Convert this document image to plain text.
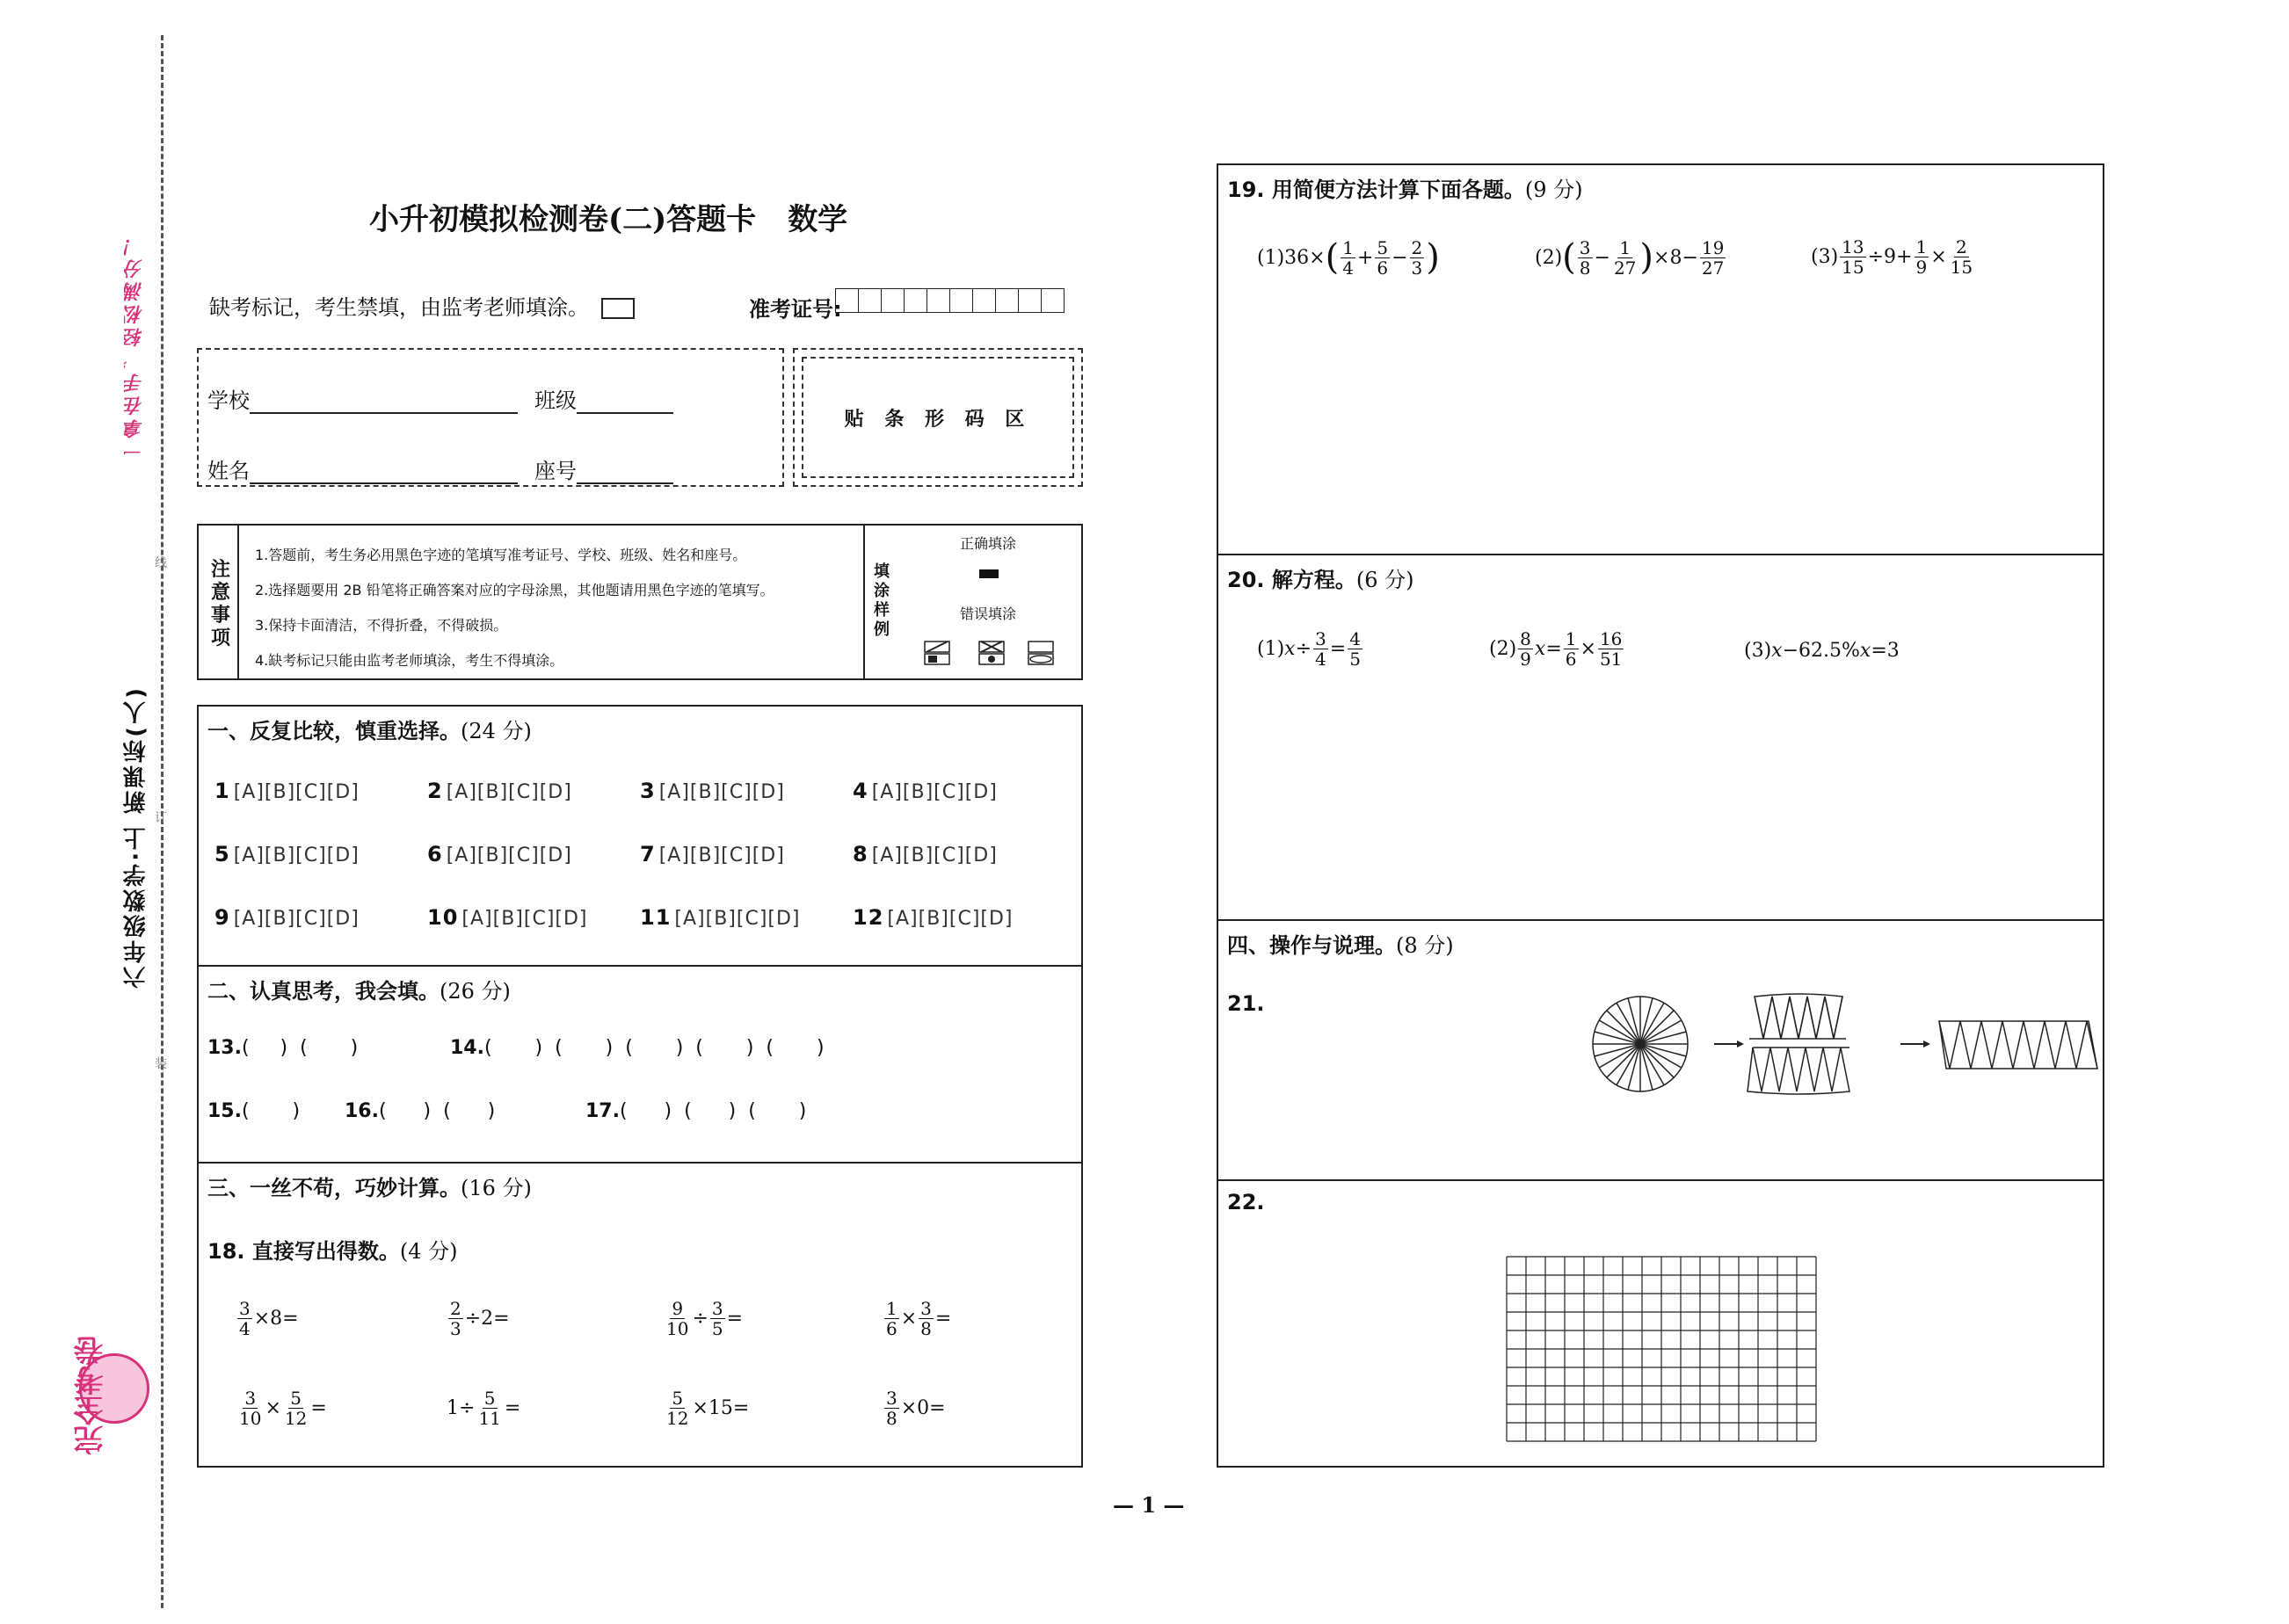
一拿在手，轻松满分！
六年级数学·上 新课标(人)
线
订
装
完全考卷
小升初模拟检测卷(二)答题卡 数学
缺考标记，考生禁填，由监考老师填涂。	准考证号:
学校	班级
姓名	座号
贴 条 形 码 区
注意事项
1.答题前，考生务必用黑色字迹的笔填写准考证号、学校、班级、姓名和座号。
2.选择题要用 2B 铅笔将正确答案对应的字母涂黑，其他题请用黑色字迹的笔填写。
3.保持卡面清洁，不得折叠，不得破损。
4.缺考标记只能由监考老师填涂，考生不得填涂。
填涂样例
正确填涂
错误填涂
一、反复比较，慎重选择。(24 分)
1 [A][B][C][D]	2 [A][B][C][D]	3 [A][B][C][D]	4 [A][B][C][D]
5 [A][B][C][D]	6 [A][B][C][D]	7 [A][B][C][D]	8 [A][B][C][D]
9 [A][B][C][D]	10 [A][B][C][D] 11 [A][B][C][D] 12 [A][B][C][D]
二、认真思考，我会填。(26 分)
13.(     )  (       )	14.(       )  (       )  (       )  (       )  (       )
15.(       ) 16.(      )  (      )	17.(      )  (      )  (       )
三、一丝不苟，巧妙计算。(16 分)
18. 直接写出得数。(4 分)
$\frac{3}{4} \times 8=$	$\frac{2}{3} \div 2=$	$\frac{9}{10} \div \frac{3}{5}$ =	$\frac{1}{6} \times \frac{3}{8}$ =
$\frac{3}{10} \times \frac{5}{12}$ =	$1\div \frac{5}{11}$ =	$\frac{5}{12} \times 15=$	$\frac{3}{8} \times 0=$
19. 用简便方法计算下面各题。(9 分)
(1)36× ( $\frac{1}{4} + \frac{5}{6} - \frac{2}{3}$ )	(2) ( $\frac{3}{8} - \frac{1}{27}$ ) $\times 8- \frac{19}{27}$	$(3) \frac{13}{15} \div 9+ \frac{1}{9} \times \frac{2}{15}$
20. 解方程。(6 分)
(1) $x \div \frac{3}{4} = \frac{4}{5}$	$(2) \frac{8}{9}$ $x = \frac{1}{6} \times \frac{16}{51}$	(3) x −62.5% x =3
四、操作与说理。(8 分)
21.
22.
— 1 —
